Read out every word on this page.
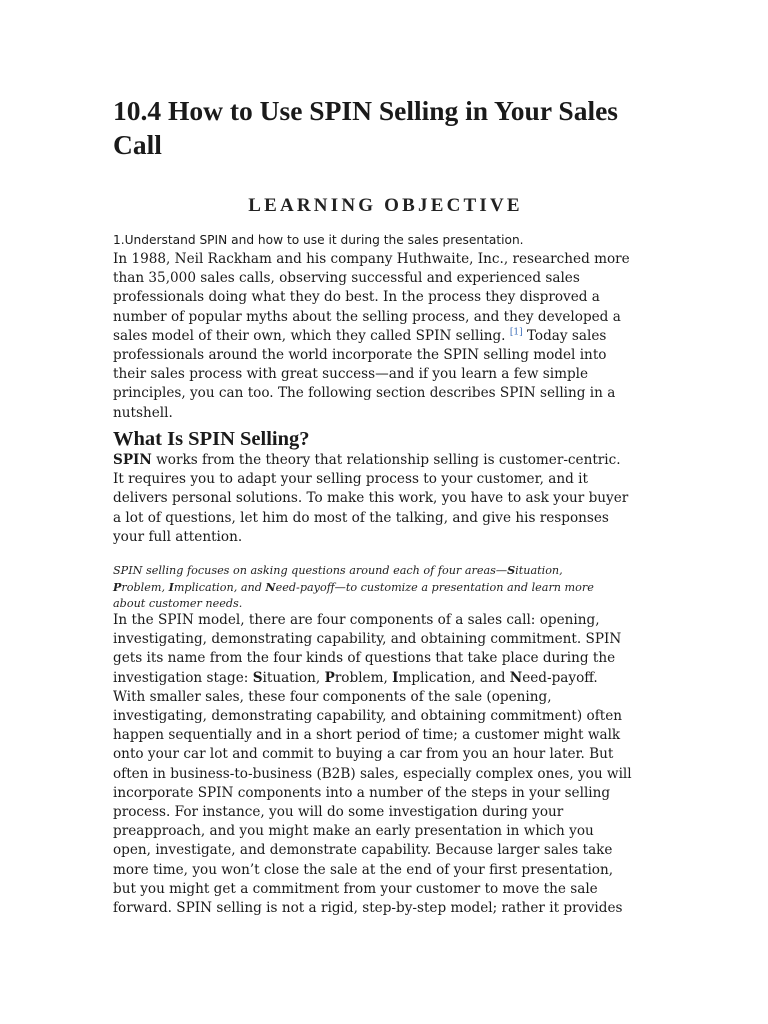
10.4 How to Use SPIN Selling in Your Sales
Call
LEARNING OBJECTIVE
1.Understand SPIN and how to use it during the sales presentation.

In 1988, Neil Rackham and his company Huthwaite, Inc., researched more
than 35,000 sales calls, observing successful and experienced sales
professionals doing what they do best. In the process they disproved a
number of popular myths about the selling process, and they developed a
sales model of their own, which they called SPIN selling. [1] Today sales
professionals around the world incorporate the SPIN selling model into
their sales process with great success—and if you learn a few simple
principles, you can too. The following section describes SPIN selling in a
nutshell.

What Is SPIN Selling?

SPIN works from the theory that relationship selling is customer-centric.
It requires you to adapt your selling process to your customer, and it
delivers personal solutions. To make this work, you have to ask your buyer
a lot of questions, let him do most of the talking, and give his responses
your full attention.

SPIN selling focuses on asking questions around each of four areas—Situation,
Problem, Implication, and Need-payoff—to customize a presentation and learn more
about customer needs.

In the SPIN model, there are four components of a sales call: opening,
investigating, demonstrating capability, and obtaining commitment. SPIN
gets its name from the four kinds of questions that take place during the
investigation stage: Situation, Problem, Implication, and Need-payoff.
With smaller sales, these four components of the sale (opening,
investigating, demonstrating capability, and obtaining commitment) often
happen sequentially and in a short period of time; a customer might walk
onto your car lot and commit to buying a car from you an hour later. But
often in business-to-business (B2B) sales, especially complex ones, you will
incorporate SPIN components into a number of the steps in your selling
process. For instance, you will do some investigation during your
preapproach, and you might make an early presentation in which you
open, investigate, and demonstrate capability. Because larger sales take
more time, you won’t close the sale at the end of your first presentation,
but you might get a commitment from your customer to move the sale
forward. SPIN selling is not a rigid, step-by-step model; rather it provides
